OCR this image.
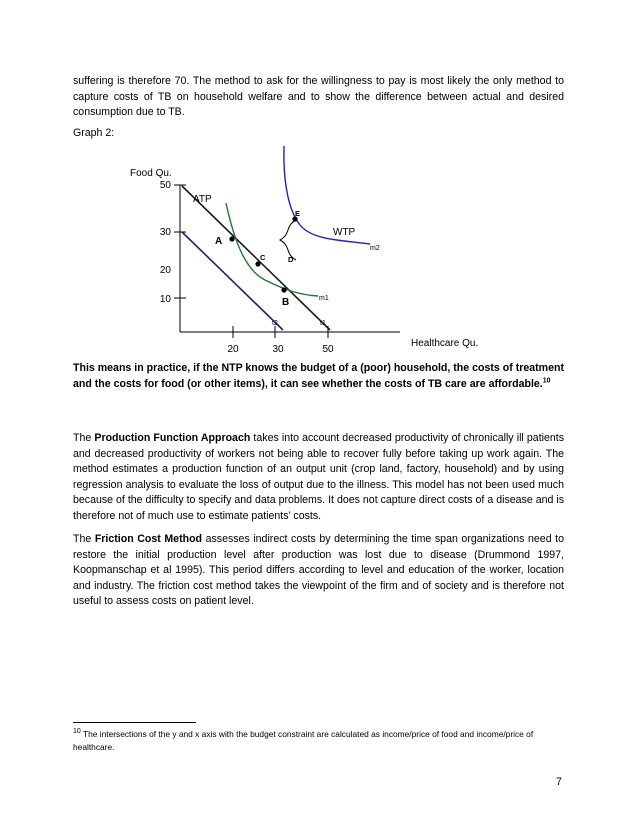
suffering is therefore 70. The method to ask for the willingness to pay is most likely the only method to capture costs of TB on household welfare and to show the difference between actual and desired consumption due to TB.

Graph 2:
50
30
20
10
20	30	50
Food Qu.
Healthcare Qu.
A
C	D
E
B
ATP
WTP
m2
m1
t1
t2

This means in practice, if the NTP knows the budget of a (poor) household, the costs of treatment and the costs for food (or other items), it can see whether the costs of TB care are affordable.$^{10}$

The Production Function Approach takes into account decreased productivity of chronically ill patients and decreased productivity of workers not being able to recover fully before taking up work again. The method estimates a production function of an output unit (crop land, factory, household) and by using regression analysis to evaluate the loss of output due to the illness. This model has not been used much because of the difficulty to specify and data problems. It does not capture direct costs of a disease and is therefore not of much use to estimate patients’ costs.

The Friction Cost Method assesses indirect costs by determining the time span organizations need to restore the initial production level after production was lost due to disease (Drummond 1997, Koopmanschap et al 1995). This period differs according to level and education of the worker, location and industry. The friction cost method takes the viewpoint of the firm and of society and is therefore not useful to assess costs on patient level.

$^{10}$ The intersections of the y and x axis with the budget constraint are calculated as income/price of food and income/price of healthcare.

7
